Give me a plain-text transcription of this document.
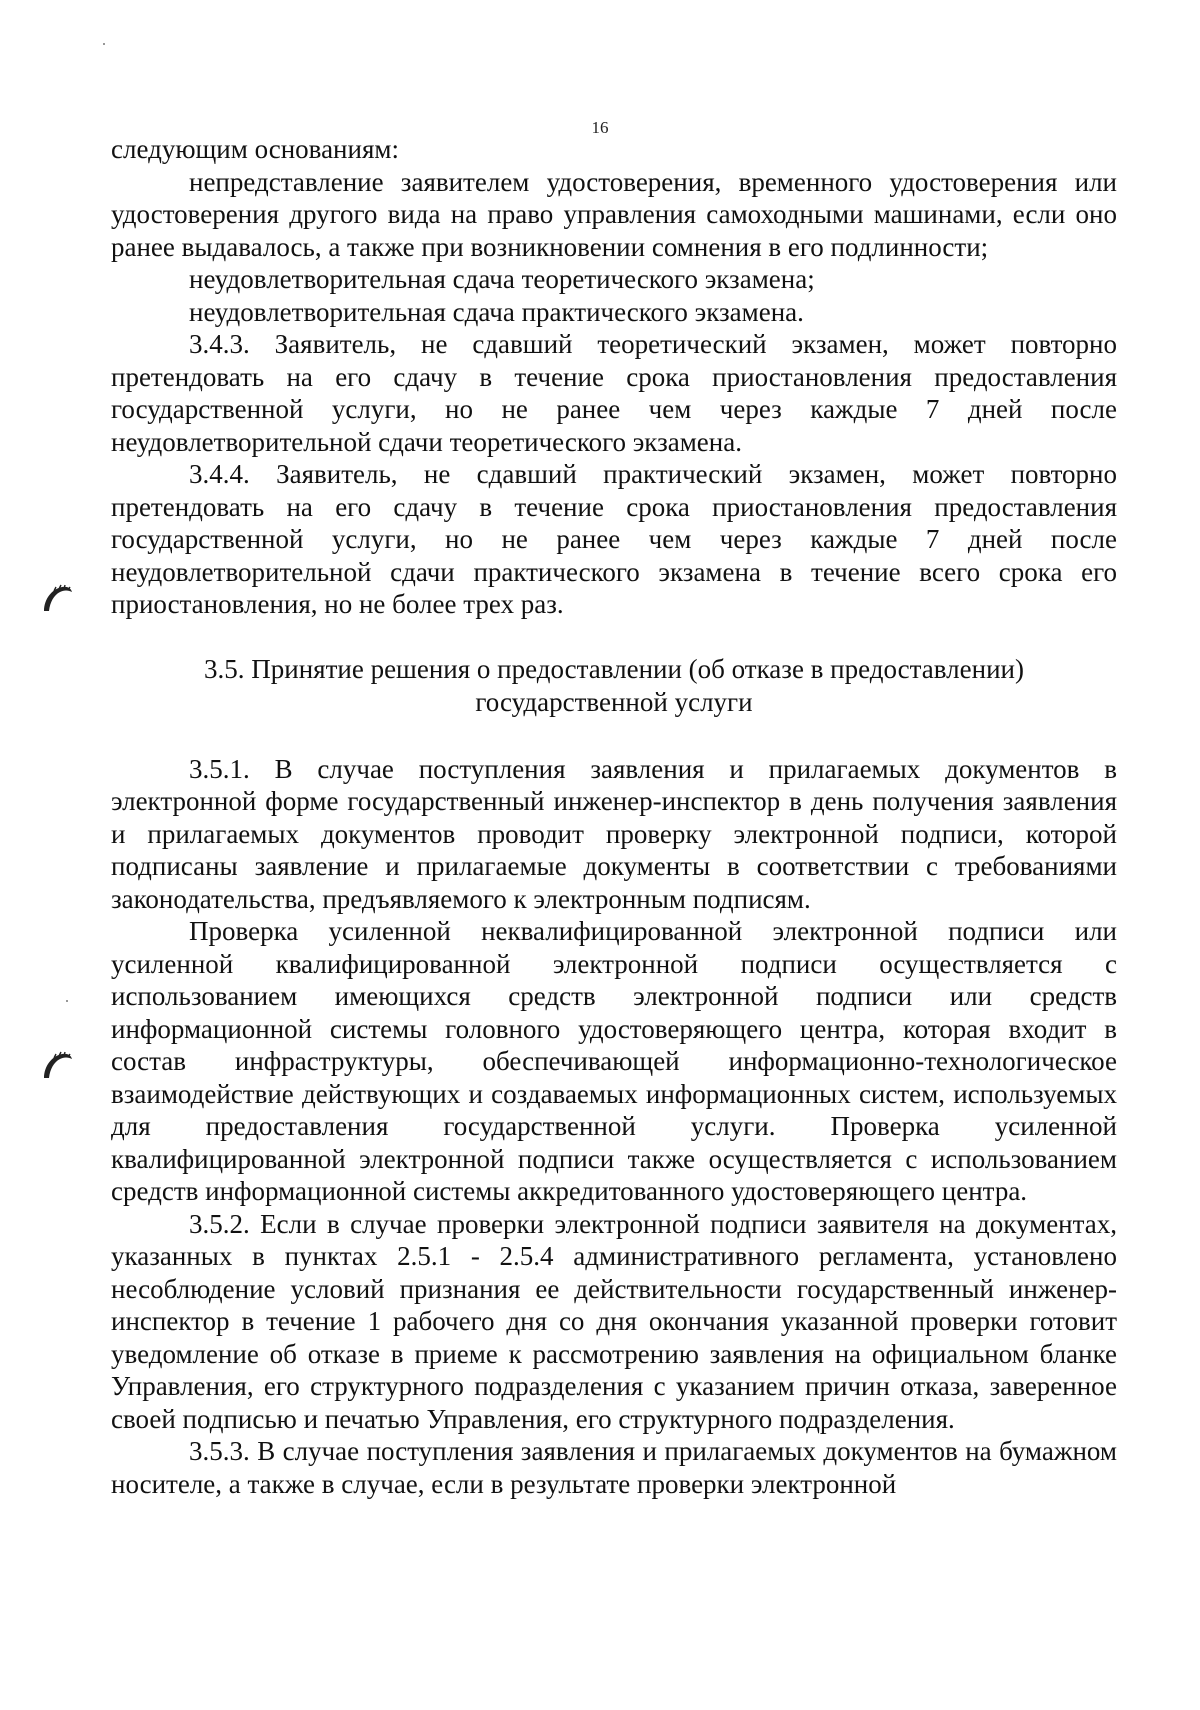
16

следующим основаниям:

непредставление заявителем удостоверения, временного удостоверения или удостоверения другого вида на право управления самоходными машинами, если оно ранее выдавалось, а также при возникновении сомнения в его подлинности;

неудовлетворительная сдача теоретического экзамена;

неудовлетворительная сдача практического экзамена.

3.4.3. Заявитель, не сдавший теоретический экзамен, может повторно претендовать на его сдачу в течение срока приостановления предоставления государственной услуги, но не ранее чем через каждые 7 дней после неудовлетворительной сдачи теоретического экзамена.

3.4.4. Заявитель, не сдавший практический экзамен, может повторно претендовать на его сдачу в течение срока приостановления предоставления государственной услуги, но не ранее чем через каждые 7 дней после неудовлетворительной сдачи практического экзамена в течение всего срока его приостановления, но не более трех раз.

3.5. Принятие решения о предоставлении (об отказе в предоставлении)
государственной услуги

3.5.1. В случае поступления заявления и прилагаемых документов в электронной форме государственный инженер-инспектор в день получения заявления и прилагаемых документов проводит проверку электронной подписи, которой подписаны заявление и прилагаемые документы в соответствии с требованиями законодательства, предъявляемого к электронным подписям.

Проверка усиленной неквалифицированной электронной подписи или усиленной квалифицированной электронной подписи осуществляется с использованием имеющихся средств электронной подписи или средств информационной системы головного удостоверяющего центра, которая входит в состав инфраструктуры, обеспечивающей информационно-технологическое взаимодействие действующих и создаваемых информационных систем, используемых для предоставления государственной услуги. Проверка усиленной квалифицированной электронной подписи также осуществляется с использованием средств информационной системы аккредитованного удостоверяющего центра.

3.5.2. Если в случае проверки электронной подписи заявителя на документах, указанных в пунктах 2.5.1 - 2.5.4 административного регламента, установлено несоблюдение условий признания ее действительности государственный инженер-инспектор в течение 1 рабочего дня со дня окончания указанной проверки готовит уведомление об отказе в приеме к рассмотрению заявления на официальном бланке Управления, его структурного подразделения с указанием причин отказа, заверенное своей подписью и печатью Управления, его структурного подразделения.

3.5.3. В случае поступления заявления и прилагаемых документов на бумажном носителе, а также в случае, если в результате проверки электронной
